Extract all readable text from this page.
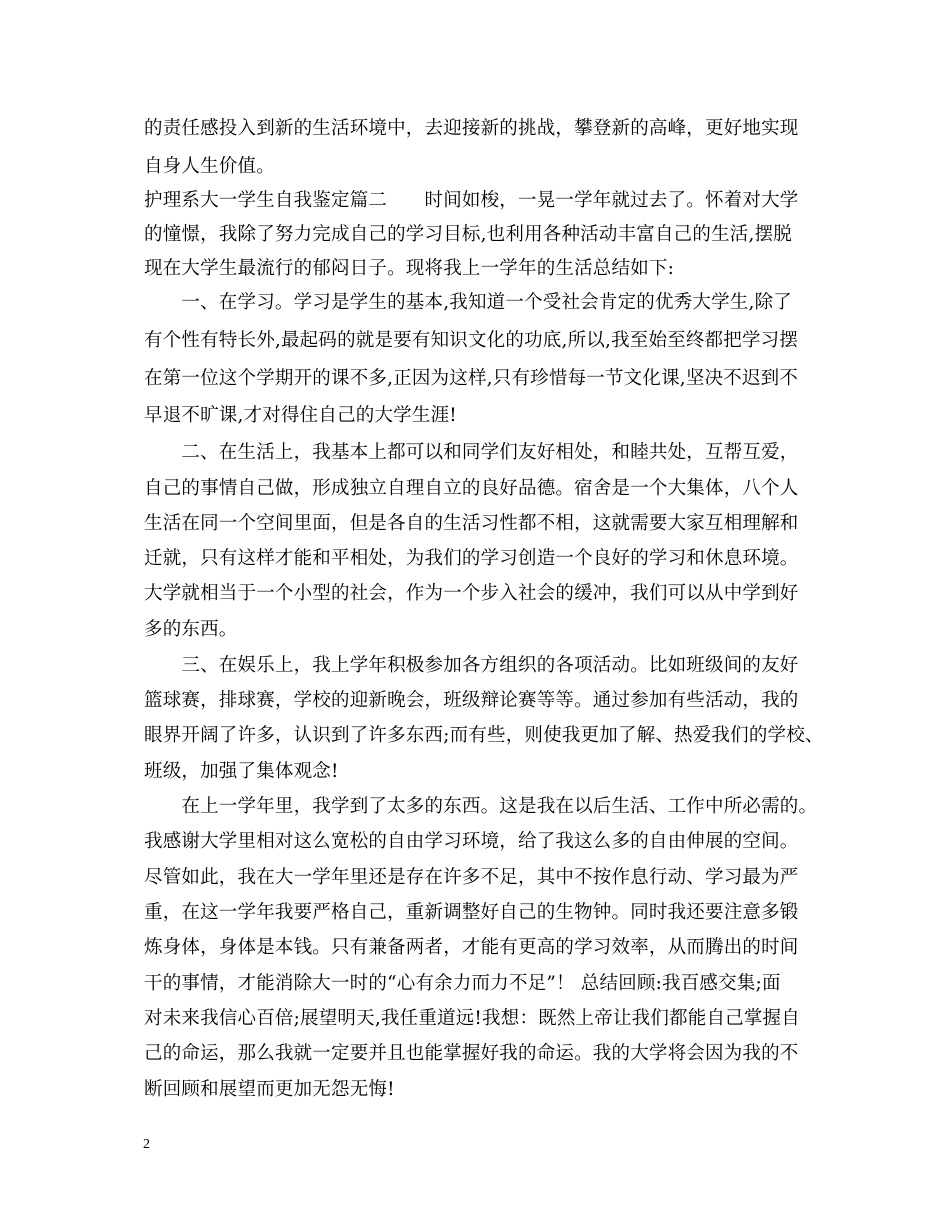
的责任感投入到新的生活环境中，去迎接新的挑战，攀登新的高峰，更好地实现
自身人生价值。
护理系大一学生自我鉴定篇二　　时间如梭，一晃一学年就过去了。怀着对大学
的憧憬，我除了努力完成自己的学习目标,也利用各种活动丰富自己的生活,摆脱
现在大学生最流行的郁闷日子。现将我上一学年的生活总结如下:
　　一、在学习。学习是学生的基本,我知道一个受社会肯定的优秀大学生,除了
有个性有特长外,最起码的就是要有知识文化的功底,所以,我至始至终都把学习摆
在第一位这个学期开的课不多,正因为这样,只有珍惜每一节文化课,坚决不迟到不
早退不旷课,才对得住自己的大学生涯!
　　二、在生活上，我基本上都可以和同学们友好相处，和睦共处，互帮互爱，
自己的事情自己做，形成独立自理自立的良好品德。宿舍是一个大集体，八个人
生活在同一个空间里面，但是各自的生活习性都不相，这就需要大家互相理解和
迁就，只有这样才能和平相处，为我们的学习创造一个良好的学习和休息环境。
大学就相当于一个小型的社会，作为一个步入社会的缓冲，我们可以从中学到好
多的东西。
　　三、在娱乐上，我上学年积极参加各方组织的各项活动。比如班级间的友好
篮球赛，排球赛，学校的迎新晚会，班级辩论赛等等。通过参加有些活动，我的
眼界开阔了许多，认识到了许多东西;而有些，则使我更加了解、热爱我们的学校、
班级，加强了集体观念!
　　在上一学年里，我学到了太多的东西。这是我在以后生活、工作中所必需的。
我感谢大学里相对这么宽松的自由学习环境，给了我这么多的自由伸展的空间。
尽管如此，我在大一学年里还是存在许多不足，其中不按作息行动、学习最为严
重，在这一学年我要严格自己，重新调整好自己的生物钟。同时我还要注意多锻
炼身体，身体是本钱。只有兼备两者，才能有更高的学习效率，从而腾出的时间
干的事情，才能消除大一时的“心有余力而力不足”！ 总结回顾:我百感交集;面
对未来我信心百倍;展望明天,我任重道远!我想：既然上帝让我们都能自己掌握自
己的命运，那么我就一定要并且也能掌握好我的命运。我的大学将会因为我的不
断回顾和展望而更加无怨无悔!
2
